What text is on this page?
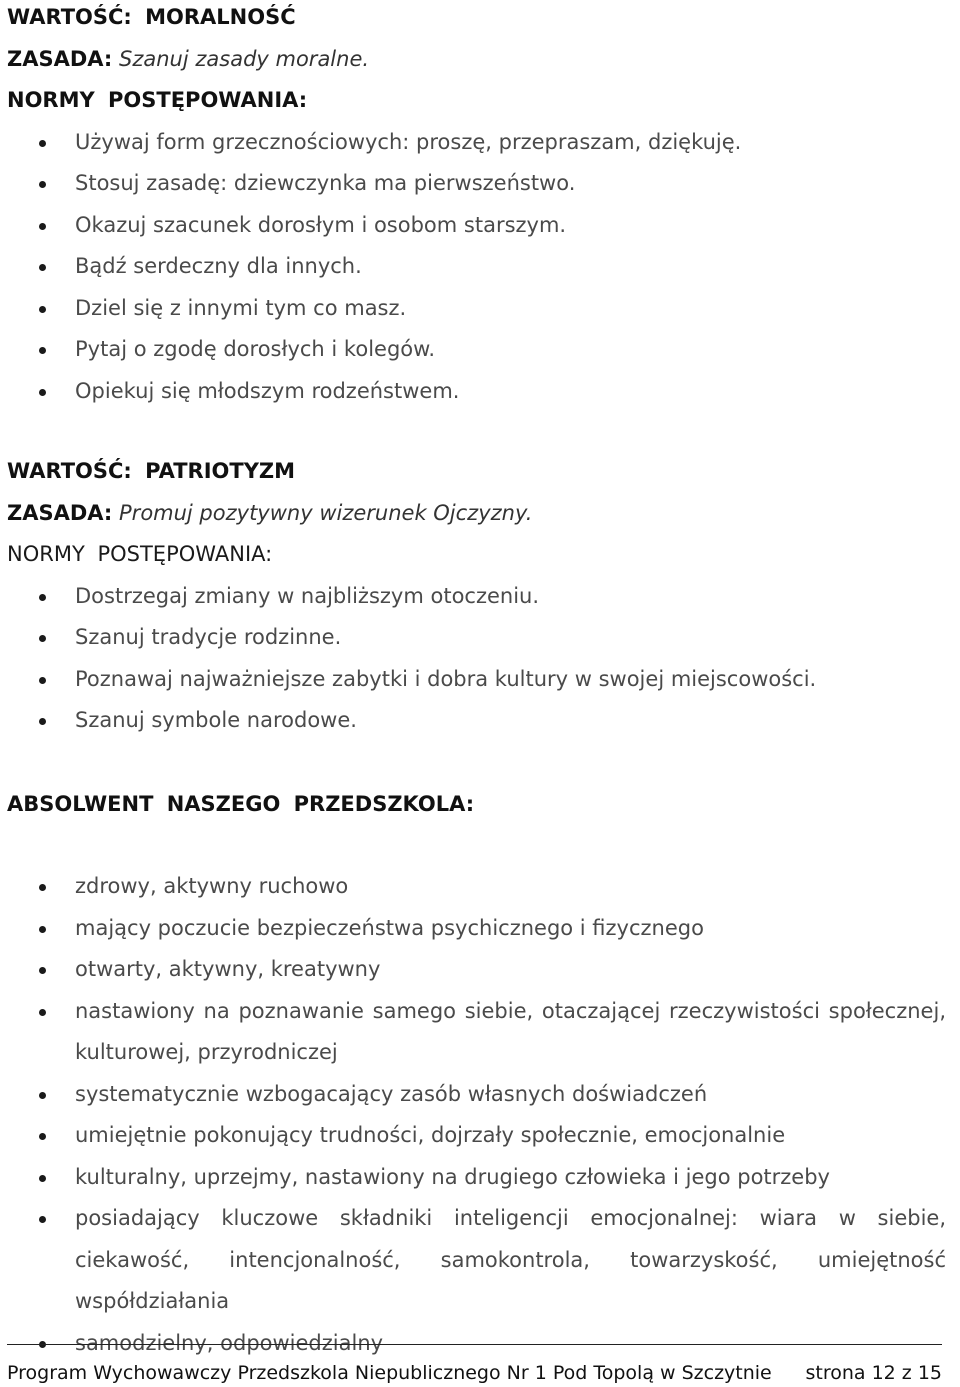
WARTOŚĆ: MORALNOŚĆ
ZASADA: Szanuj zasady moralne.
NORMY POSTĘPOWANIA:
Używaj form grzecznościowych: proszę, przepraszam, dziękuję.
Stosuj zasadę: dziewczynka ma pierwszeństwo.
Okazuj szacunek dorosłym i osobom starszym.
Bądź serdeczny dla innych.
Dziel się z innymi tym co masz.
Pytaj o zgodę dorosłych i kolegów.
Opiekuj się młodszym rodzeństwem.
WARTOŚĆ: PATRIOTYZM
ZASADA: Promuj pozytywny wizerunek Ojczyzny.
NORMY POSTĘPOWANIA:
Dostrzegaj zmiany w najbliższym otoczeniu.
Szanuj tradycje rodzinne.
Poznawaj najważniejsze zabytki i dobra kultury w swojej miejscowości.
Szanuj symbole narodowe.
ABSOLWENT NASZEGO PRZEDSZKOLA:
zdrowy, aktywny ruchowo
mający poczucie bezpieczeństwa psychicznego i fizycznego
otwarty, aktywny, kreatywny
nastawiony na poznawanie samego siebie, otaczającej rzeczywistości społecznej, kulturowej, przyrodniczej
systematycznie wzbogacający zasób własnych doświadczeń
umiejętnie pokonujący trudności, dojrzały społecznie, emocjonalnie
kulturalny, uprzejmy, nastawiony na drugiego człowieka i jego potrzeby
posiadający kluczowe składniki inteligencji emocjonalnej: wiara w siebie, ciekawość, intencjonalność, samokontrola, towarzyskość, umiejętność współdziałania
samodzielny, odpowiedzialny
Program Wychowawczy Przedszkola Niepublicznego Nr 1 Pod Topolą w Szczytnie strona 12 z 15
